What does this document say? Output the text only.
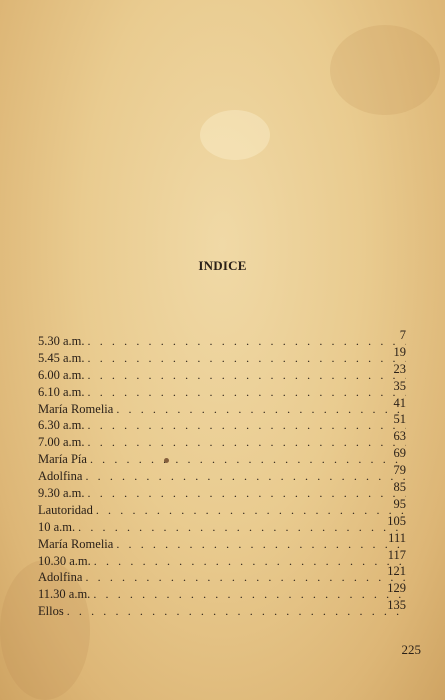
INDICE
5.30 a.m. . . .	7
5.45 a.m. . . .	19
6.00 a.m. . . .	23
6.10 a.m. . . .	35
María Romelia . . .	41
6.30 a.m. . . .	51
7.00 a.m. . . .	63
María Pía . . .	69
Adolfina . . .	79
9.30 a.m. . . .	85
Lautoridad . . .	95
10 a.m. . . .	105
María Romelia . . .	111
10.30 a.m. . . .	117
Adolfina . . .	121
11.30 a.m. . . .	129
Ellos . . .	135
225
